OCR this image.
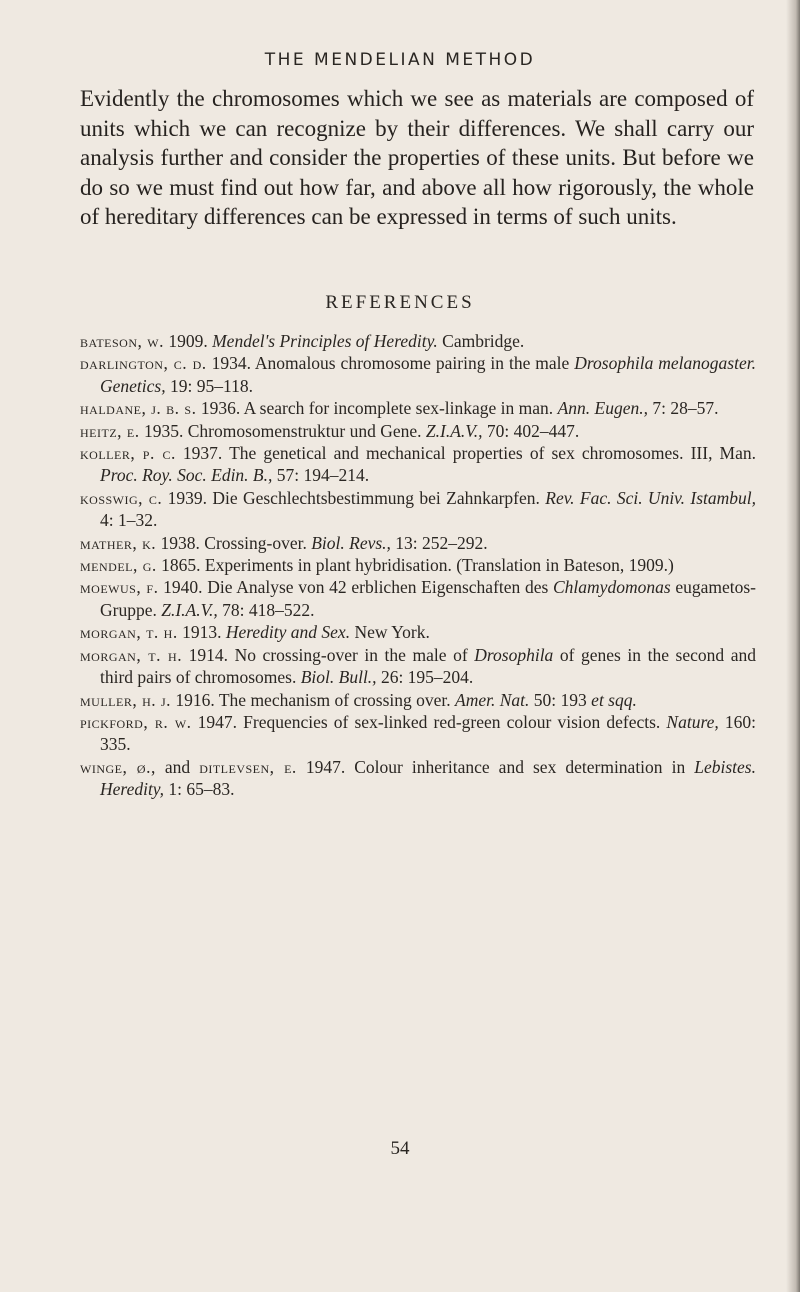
THE MENDELIAN METHOD
Evidently the chromosomes which we see as materials are composed of units which we can recognize by their differences. We shall carry our analysis further and consider the properties of these units. But before we do so we must find out how far, and above all how rigorously, the whole of hereditary differences can be expressed in terms of such units.
REFERENCES
bateson, w. 1909. Mendel's Principles of Heredity. Cambridge.
darlington, c. d. 1934. Anomalous chromosome pairing in the male Drosophila melanogaster. Genetics, 19: 95–118.
haldane, j. b. s. 1936. A search for incomplete sex-linkage in man. Ann. Eugen., 7: 28–57.
heitz, e. 1935. Chromosomenstruktur und Gene. Z.I.A.V., 70: 402–447.
koller, p. c. 1937. The genetical and mechanical properties of sex chromosomes. III, Man. Proc. Roy. Soc. Edin. B., 57: 194–214.
kosswig, c. 1939. Die Geschlechtsbestimmung bei Zahnkarpfen. Rev. Fac. Sci. Univ. Istambul, 4: 1–32.
mather, k. 1938. Crossing-over. Biol. Revs., 13: 252–292.
mendel, g. 1865. Experiments in plant hybridisation. (Translation in Bateson, 1909.)
moewus, f. 1940. Die Analyse von 42 erblichen Eigenschaften des Chlamydomonas eugametos-Gruppe. Z.I.A.V., 78: 418–522.
morgan, t. h. 1913. Heredity and Sex. New York.
morgan, t. h. 1914. No crossing-over in the male of Drosophila of genes in the second and third pairs of chromosomes. Biol. Bull., 26: 195–204.
muller, h. j. 1916. The mechanism of crossing over. Amer. Nat. 50: 193 et sqq.
pickford, r. w. 1947. Frequencies of sex-linked red-green colour vision defects. Nature, 160: 335.
winge, ø., and ditlevsen, e. 1947. Colour inheritance and sex determination in Lebistes. Heredity, 1: 65–83.
54
